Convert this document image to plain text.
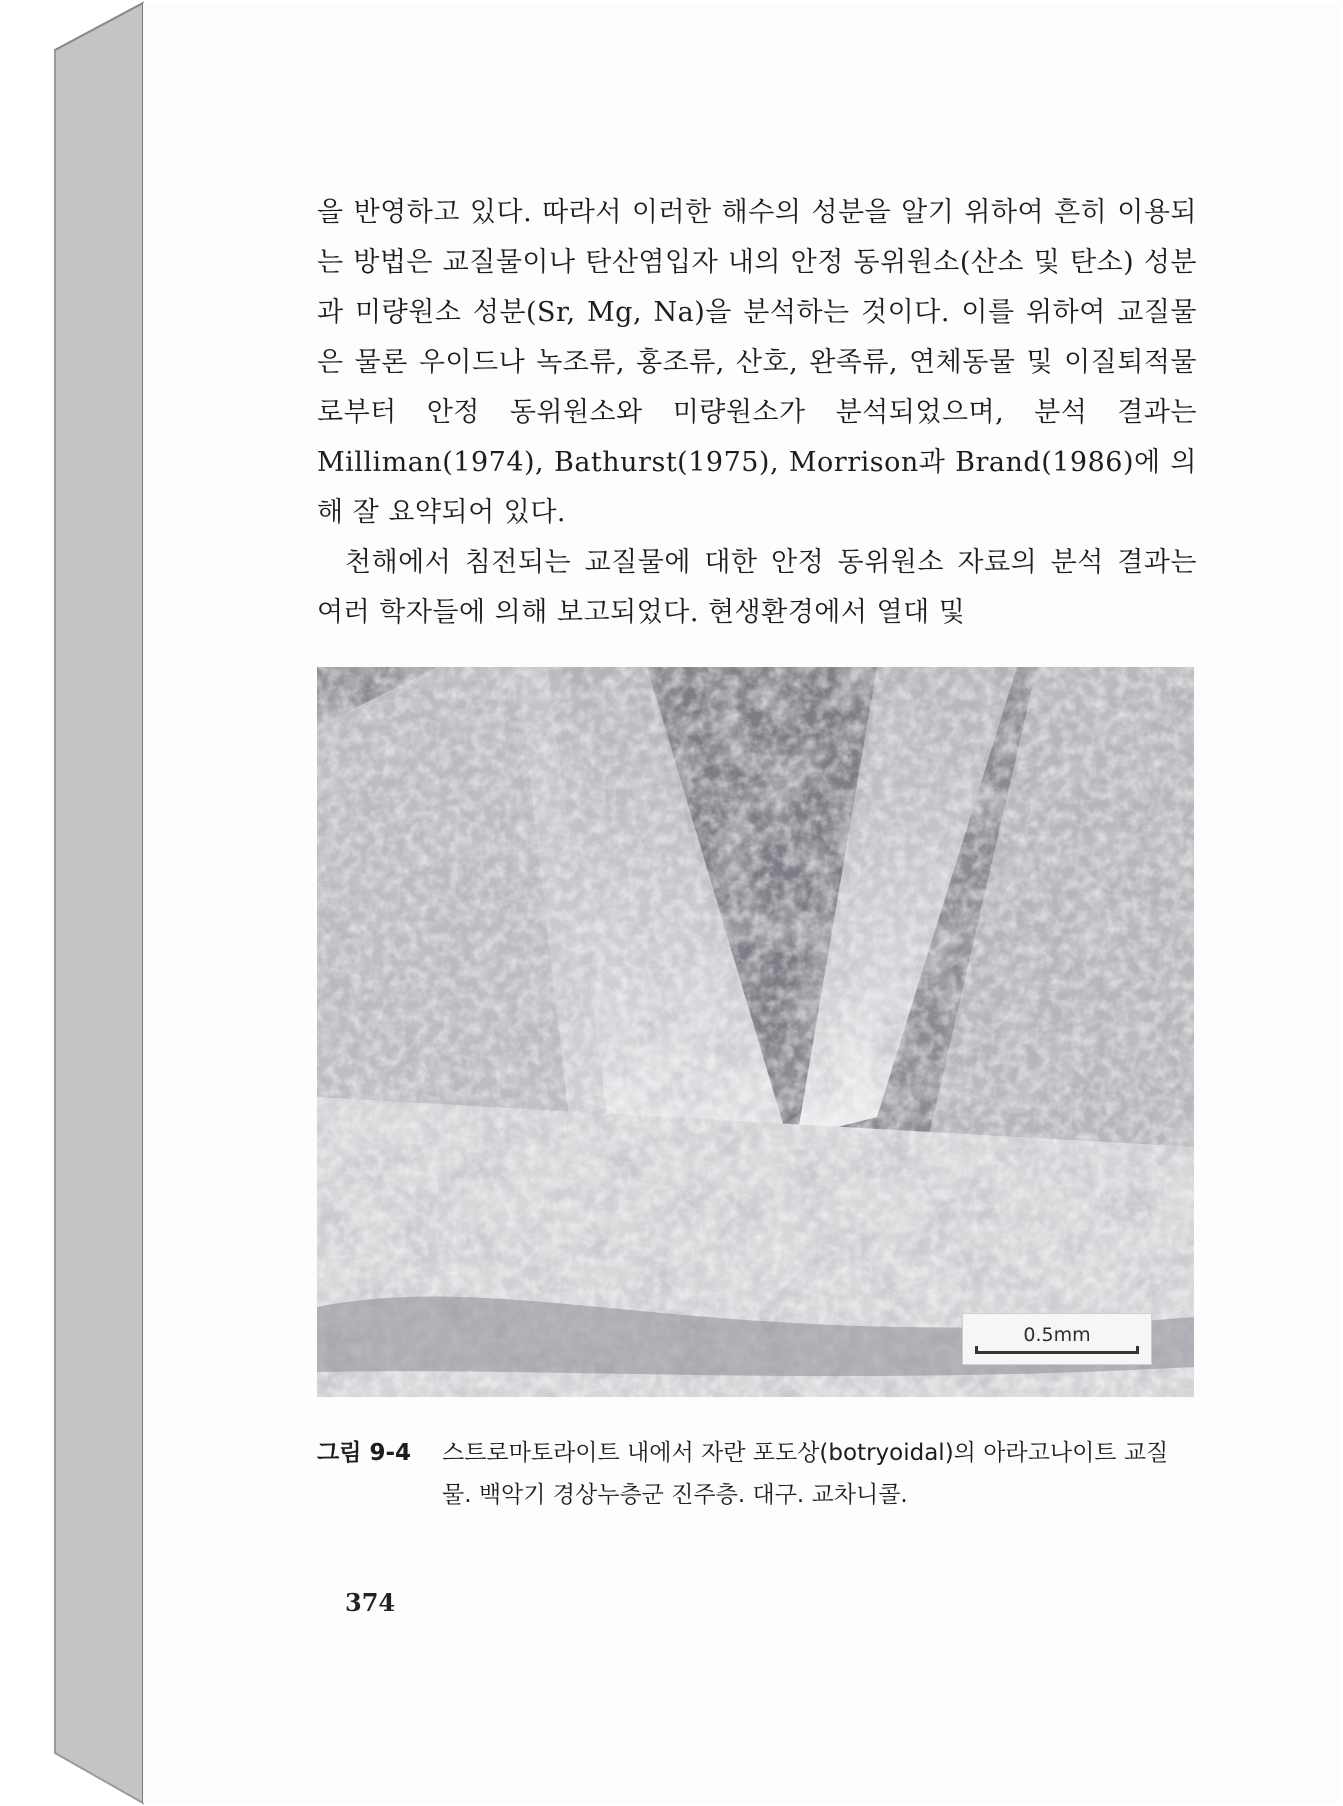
을 반영하고 있다. 따라서 이러한 해수의 성분을 알기 위하여 흔히 이용되는 방법은 교질물이나 탄산염입자 내의 안정 동위원소(산소 및 탄소) 성분과 미량원소 성분(Sr, Mg, Na)을 분석하는 것이다. 이를 위하여 교질물은 물론 우이드나 녹조류, 홍조류, 산호, 완족류, 연체동물 및 이질퇴적물로부터 안정 동위원소와 미량원소가 분석되었으며, 분석 결과는 Milliman(1974), Bathurst(1975), Morrison과 Brand(1986)에 의해 잘 요약되어 있다.

천해에서 침전되는 교질물에 대한 안정 동위원소 자료의 분석 결과는 여러 학자들에 의해 보고되었다. 현생환경에서 열대 및

0.5mm
그림 9-4 스트로마토라이트 내에서 자란 포도상(botryoidal)의 아라고나이트 교질물. 백악기 경상누층군 진주층. 대구. 교차니콜.
374
